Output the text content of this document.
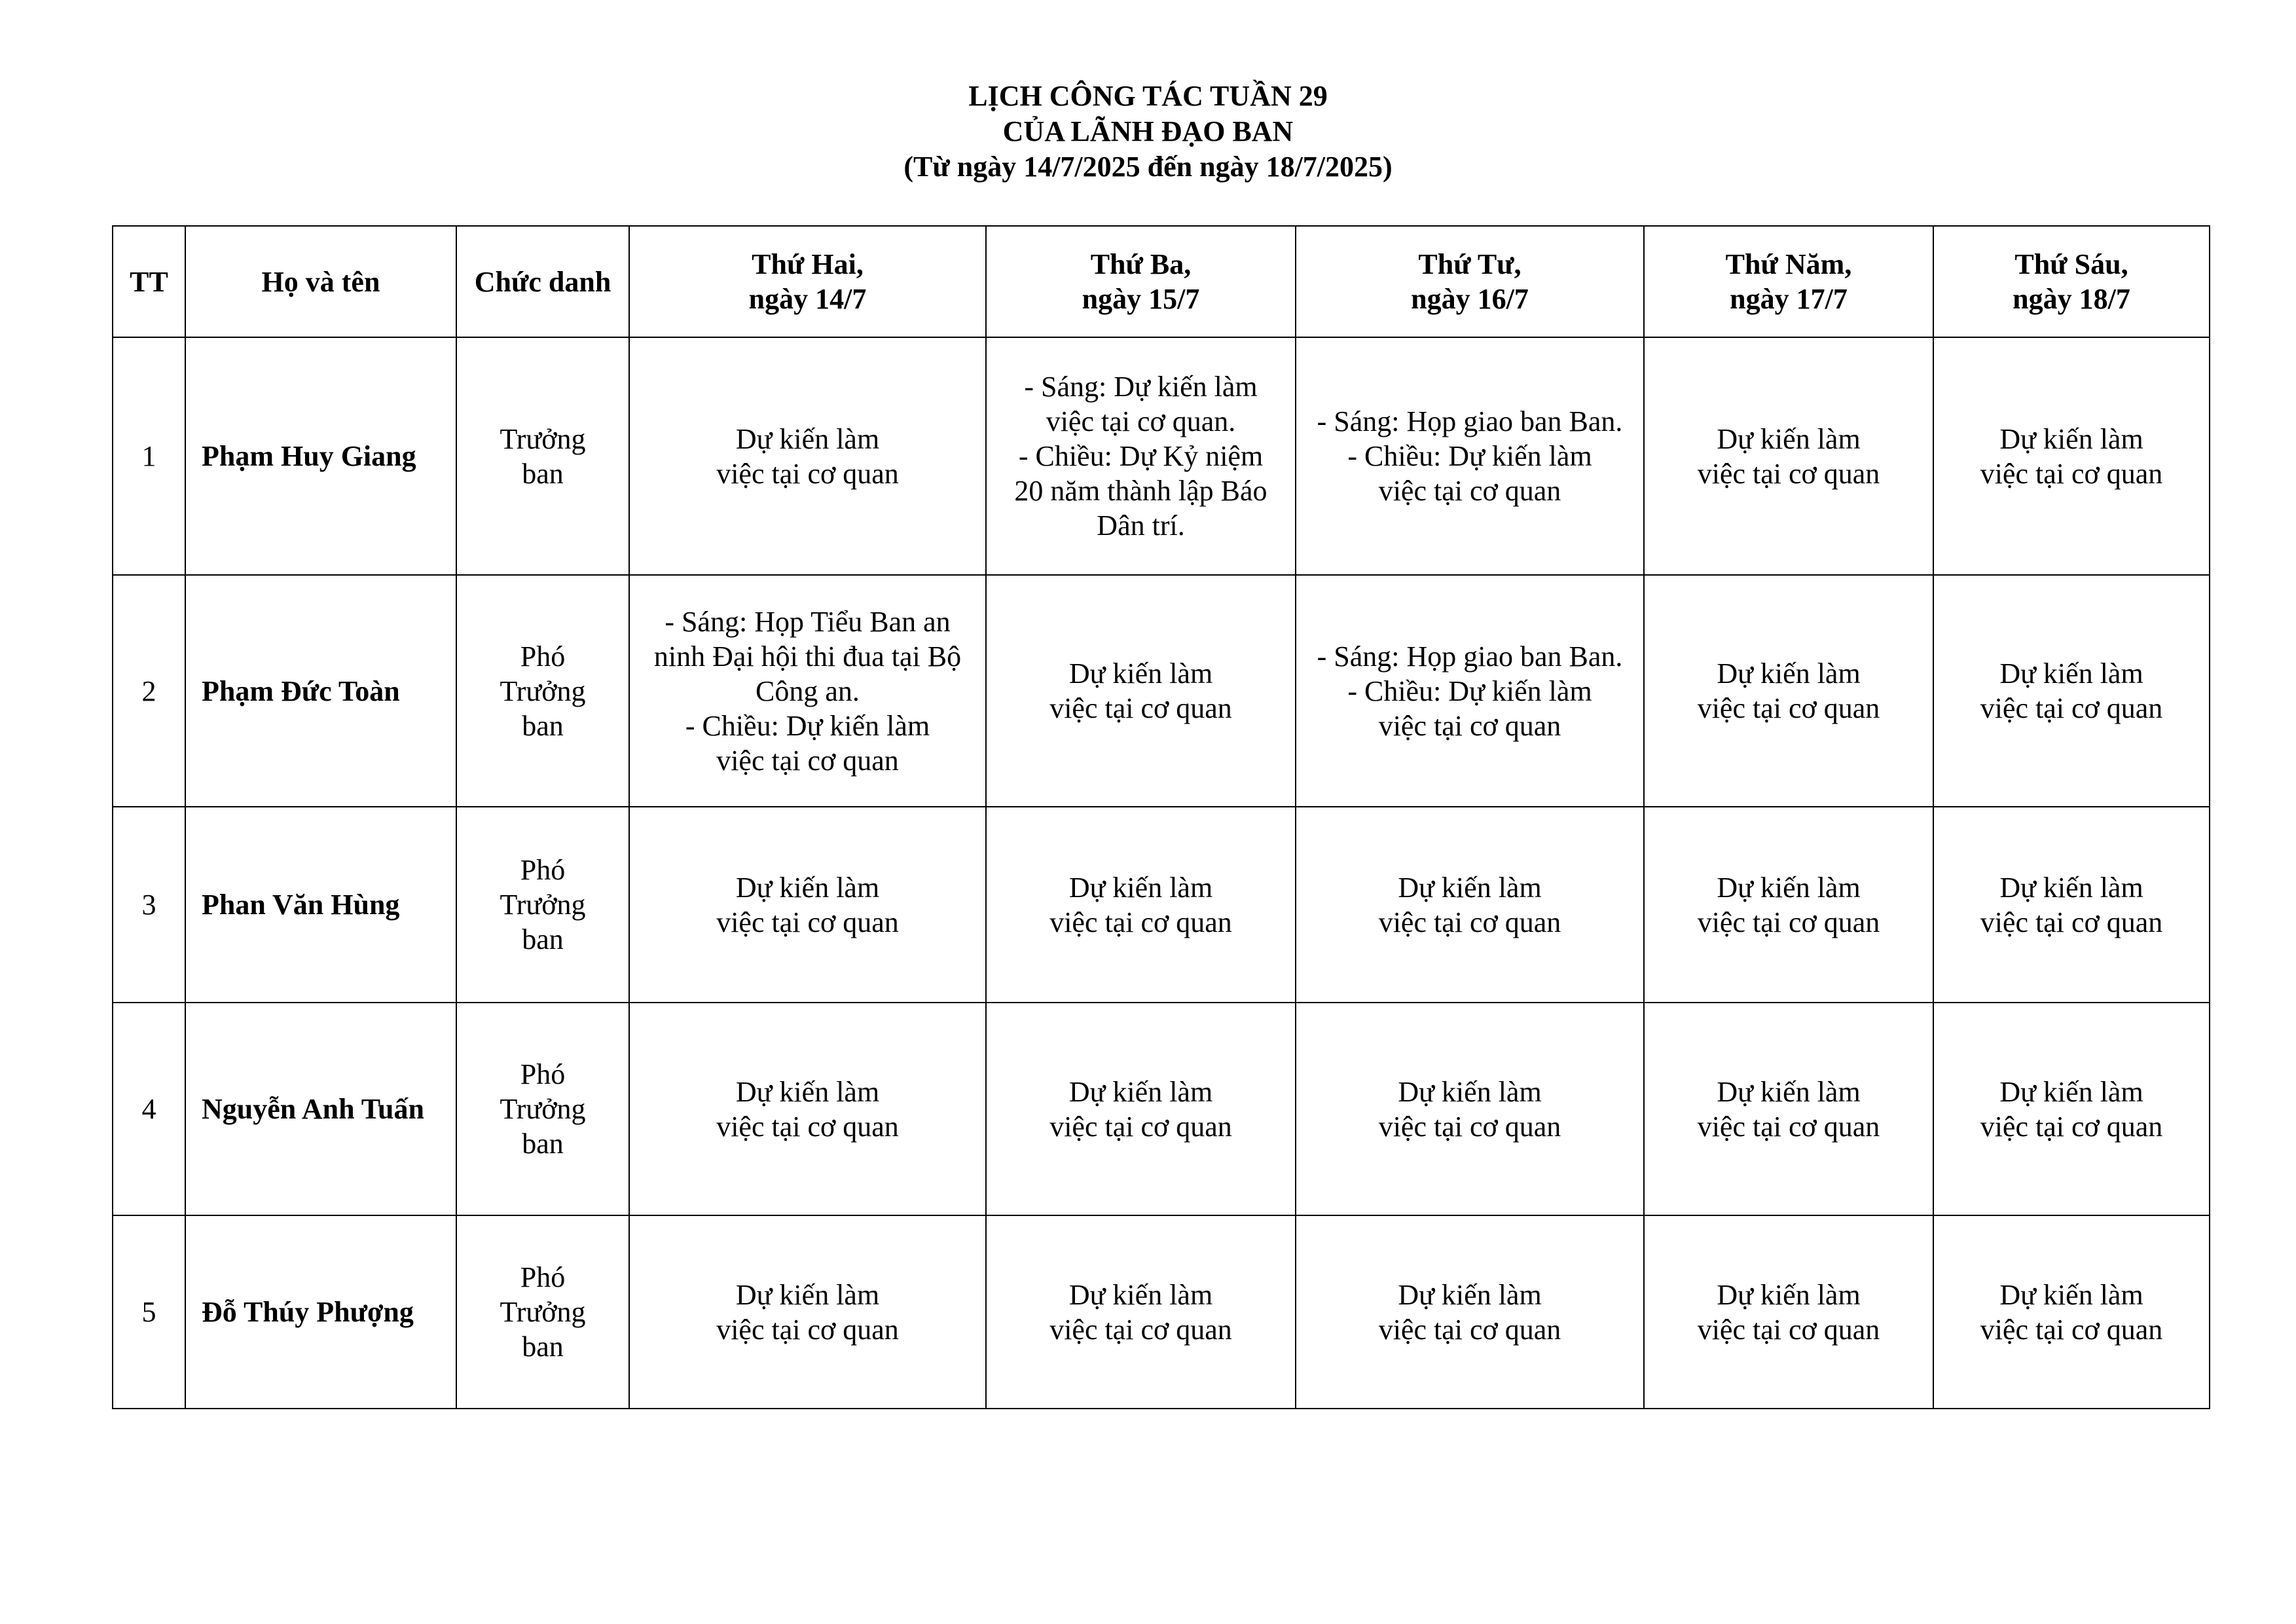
LỊCH CÔNG TÁC TUẦN 29
CỦA LÃNH ĐẠO BAN
(Từ ngày 14/7/2025 đến ngày 18/7/2025)
TT	Họ và tên	Chức danh	Thứ Hai,
ngày 14/7	Thứ Ba,
ngày 15/7	Thứ Tư,
ngày 16/7	Thứ Năm,
ngày 17/7	Thứ Sáu,
ngày 18/7

1	Phạm Huy Giang	Trưởng
ban	Dự kiến làm
việc tại cơ quan	- Sáng: Dự kiến làm
việc tại cơ quan.
- Chiều: Dự Kỷ niệm
20 năm thành lập Báo
Dân trí.	- Sáng: Họp giao ban Ban.
- Chiều: Dự kiến làm
việc tại cơ quan	Dự kiến làm
việc tại cơ quan	Dự kiến làm
việc tại cơ quan

2	Phạm Đức Toàn	Phó
Trưởng
ban	- Sáng: Họp Tiểu Ban an
ninh Đại hội thi đua tại Bộ
Công an.
- Chiều: Dự kiến làm
việc tại cơ quan	Dự kiến làm
việc tại cơ quan	- Sáng: Họp giao ban Ban.
- Chiều: Dự kiến làm
việc tại cơ quan	Dự kiến làm
việc tại cơ quan	Dự kiến làm
việc tại cơ quan

3	Phan Văn Hùng	Phó
Trưởng
ban	Dự kiến làm
việc tại cơ quan	Dự kiến làm
việc tại cơ quan	Dự kiến làm
việc tại cơ quan	Dự kiến làm
việc tại cơ quan	Dự kiến làm
việc tại cơ quan

4	Nguyễn Anh Tuấn	Phó
Trưởng
ban	Dự kiến làm
việc tại cơ quan	Dự kiến làm
việc tại cơ quan	Dự kiến làm
việc tại cơ quan	Dự kiến làm
việc tại cơ quan	Dự kiến làm
việc tại cơ quan

5	Đỗ Thúy Phượng	Phó
Trưởng
ban	Dự kiến làm
việc tại cơ quan	Dự kiến làm
việc tại cơ quan	Dự kiến làm
việc tại cơ quan	Dự kiến làm
việc tại cơ quan	Dự kiến làm
việc tại cơ quan
